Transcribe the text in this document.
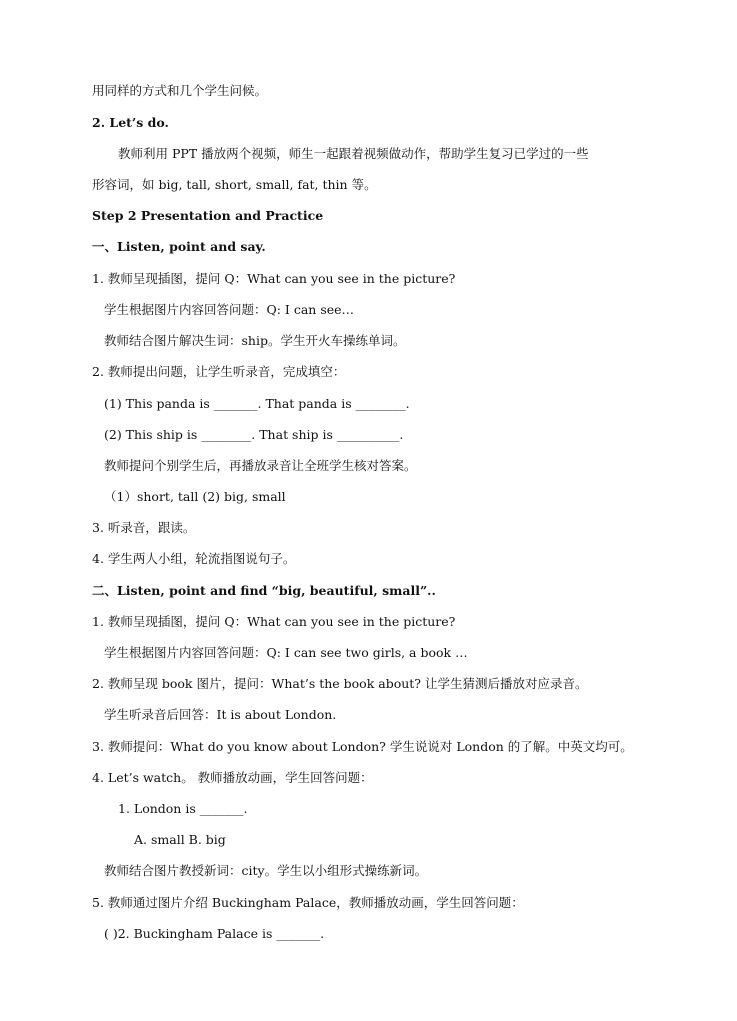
用同样的方式和几个学生问候。
2. Let’s do.
教师利用 PPT 播放两个视频，师生一起跟着视频做动作，帮助学生复习已学过的一些
形容词，如 big, tall, short, small, fat, thin 等。
Step 2 Presentation and Practice
一、Listen, point and say.
1. 教师呈现插图，提问 Q：What can you see in the picture?
学生根据图片内容回答问题：Q: I can see…
教师结合图片解决生词：ship。学生开火车操练单词。
2. 教师提出问题，让学生听录音，完成填空：
(1) This panda is _______. That panda is ________.
(2) This ship is ________. That ship is __________.
教师提问个别学生后，再播放录音让全班学生核对答案。
（1）short, tall (2) big, small
3. 听录音，跟读。
4. 学生两人小组，轮流指图说句子。
二、Listen, point and find “big, beautiful, small”..
1. 教师呈现插图，提问 Q：What can you see in the picture?
学生根据图片内容回答问题：Q: I can see two girls, a book …
2. 教师呈现 book 图片，提问：What’s the book about? 让学生猜测后播放对应录音。
学生听录音后回答：It is about London.
3. 教师提问：What do you know about London? 学生说说对 London 的了解。中英文均可。
4. Let’s watch。 教师播放动画，学生回答问题：
1. London is _______.
A. small B. big
教师结合图片教授新词：city。学生以小组形式操练新词。
5. 教师通过图片介绍 Buckingham Palace，教师播放动画，学生回答问题：
( )2. Buckingham Palace is _______.
